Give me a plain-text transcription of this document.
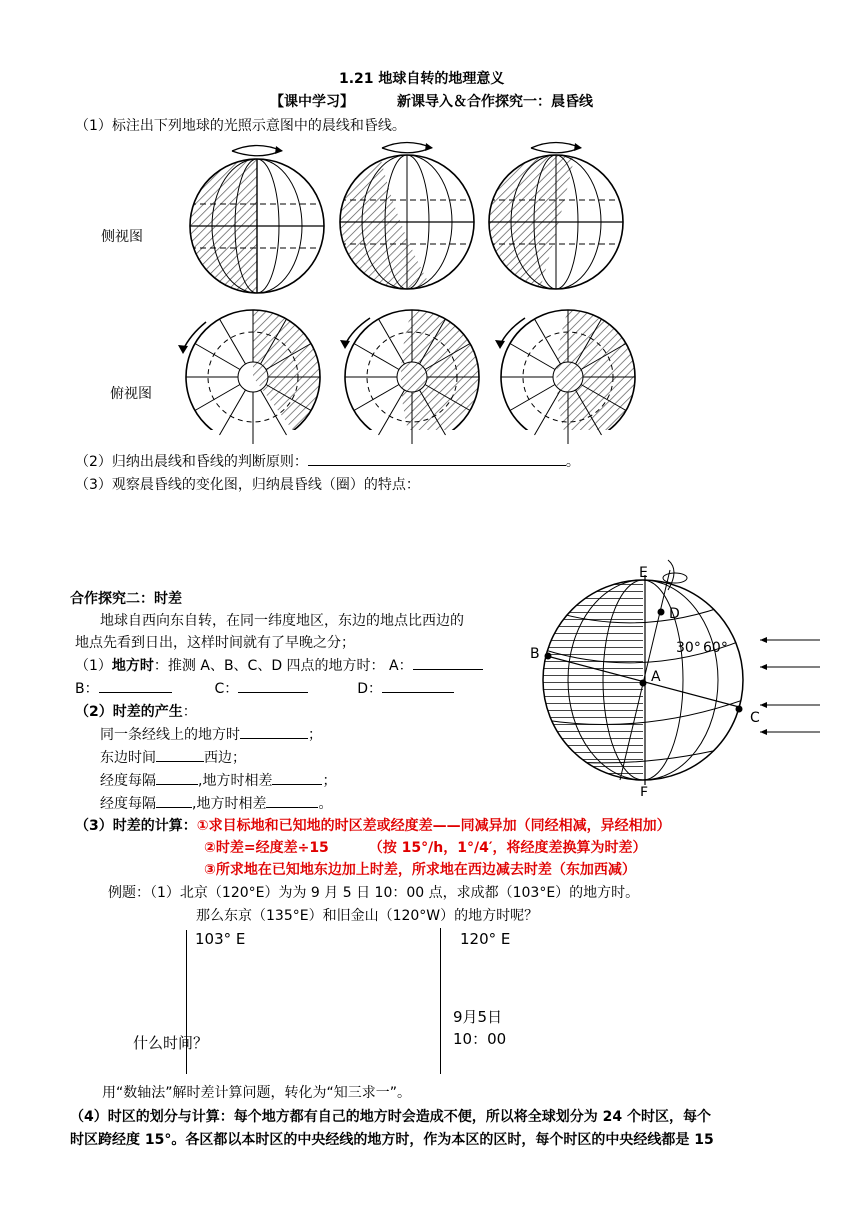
1.21 地球自转的地理意义
【课中学习】	新课导入＆合作探究一：晨昏线
（1）标注出下列地球的光照示意图中的晨线和昏线。
侧视图
俯视图
（2）归纳出晨线和昏线的判断原则：	。
（3）观察晨昏线的变化图，归纳晨昏线（圈）的特点：
合作探究二：时差
地球自西向东自转，在同一纬度地区，东边的地点比西边的
地点先看到日出，这样时间就有了早晚之分；
（1）地方时：推测 A、B、C、D 四点的地方时： A：
B：	C：	D：
（2）时差的产生：
同一条经线上的地方时	；
东边时间	西边；
经度每隔	,地方时相差	；
经度每隔	,地方时相差	。
（3）时差的计算：①求目标地和已知地的时区差或经度差——同减异加（同经相减，异经相加）
②时差=经度差÷15	（按 15°/h，1°/4′，将经度差换算为时差）
③所求地在已知地东边加上时差，所求地在西边减去时差（东加西减）
例题：（1）北京（120°E）为为 9 月 5 日 10：00 点，求成都（103°E）的地方时。
那么东京（135°E）和旧金山（120°W）的地方时呢？
103° E	120° E
9月5日
10：00
什么时间？
用“数轴法”解时差计算问题，转化为“知三求一”。
（4）时区的划分与计算：每个地方都有自己的地方时会造成不便，所以将全球划分为 24 个时区，每个
时区跨经度 15°。各区都以本时区的中央经线的地方时，作为本区的区时，每个时区的中央经线都是 15
E
F
B
A
C
D
30° 60°
